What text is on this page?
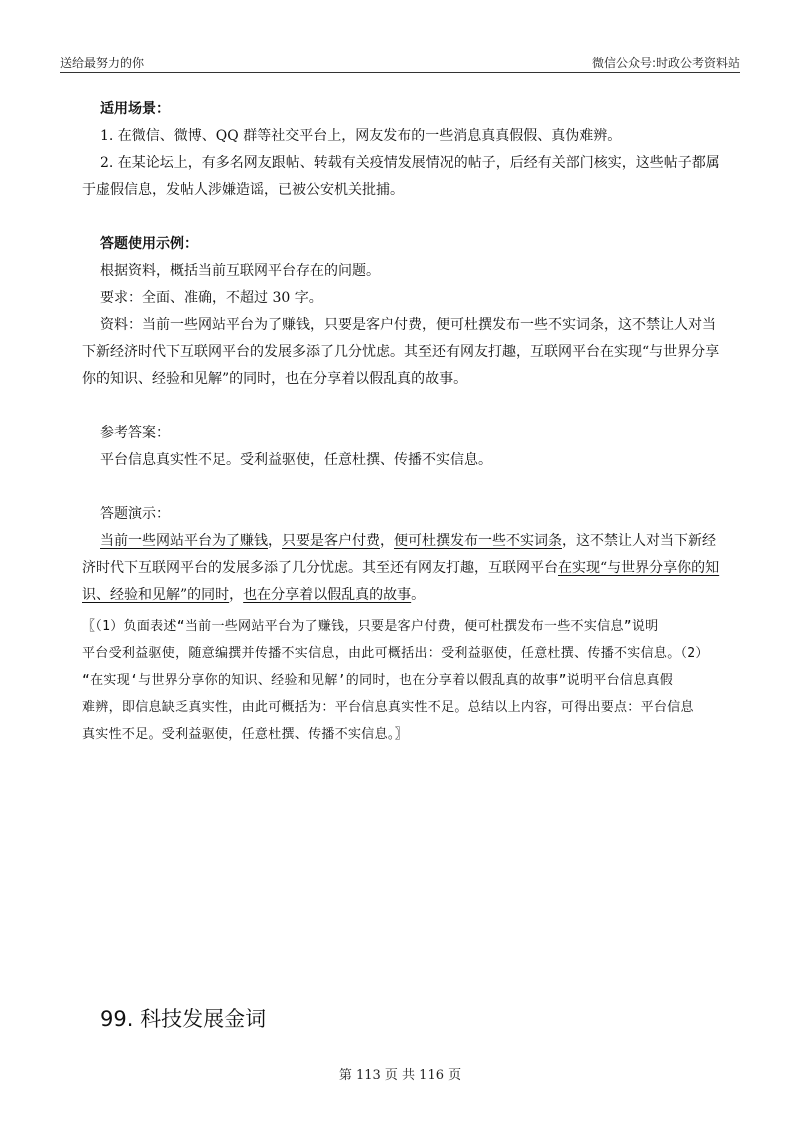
送给最努力的你	微信公众号:时政公考资料站

适用场景：

1. 在微信、微博、QQ 群等社交平台上，网友发布的一些消息真真假假、真伪难辨。

2. 在某论坛上，有多名网友跟帖、转载有关疫情发展情况的帖子，后经有关部门核实，这些帖子都属

于虚假信息，发帖人涉嫌造谣，已被公安机关批捕。

答题使用示例：

根据资料，概括当前互联网平台存在的问题。

要求：全面、准确，不超过 30 字。

资料：当前一些网站平台为了赚钱，只要是客户付费，便可杜撰发布一些不实词条，这不禁让人对当

下新经济时代下互联网平台的发展多添了几分忧虑。其至还有网友打趣，互联网平台在实现“与世界分享

你的知识、经验和见解”的同时，也在分享着以假乱真的故事。

参考答案：

平台信息真实性不足。受利益驱使，任意杜撰、传播不实信息。

答题演示：

当前一些网站平台为了赚钱，只要是客户付费，便可杜撰发布一些不实词条，这不禁让人对当下新经

济时代下互联网平台的发展多添了几分忧虑。其至还有网友打趣，互联网平台在实现“与世界分享你的知

识、经验和见解”的同时，也在分享着以假乱真的故事。

〖（1）负面表述“当前一些网站平台为了赚钱，只要是客户付费，便可杜撰发布一些不实信息”说明

平台受利益驱使，随意编撰并传播不实信息，由此可概括出：受利益驱使，任意杜撰、传播不实信息。（2）

“在实现‘与世界分享你的知识、经验和见解’的同时，也在分享着以假乱真的故事”说明平台信息真假

难辨，即信息缺乏真实性，由此可概括为：平台信息真实性不足。总结以上内容，可得出要点：平台信息

真实性不足。受利益驱使，任意杜撰、传播不实信息。〗

99. 科技发展金词
第 113 页 共 116 页
